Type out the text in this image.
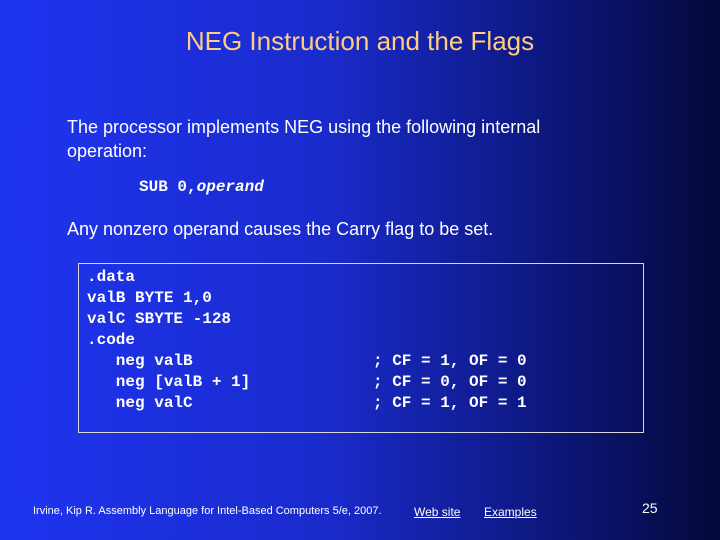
NEG Instruction and the Flags
The processor implements NEG using the following internal
operation:
SUB 0,operand
Any nonzero operand causes the Carry flag to be set.
.data
valB BYTE 1,0
valC SBYTE -128
.code
neg valB
neg [valB + 1]
neg valC
; CF = 1, OF = 0
; CF = 0, OF = 0
; CF = 1, OF = 1
Irvine, Kip R. Assembly Language for Intel-Based Computers 5/e, 2007.	Web site Examples	25
